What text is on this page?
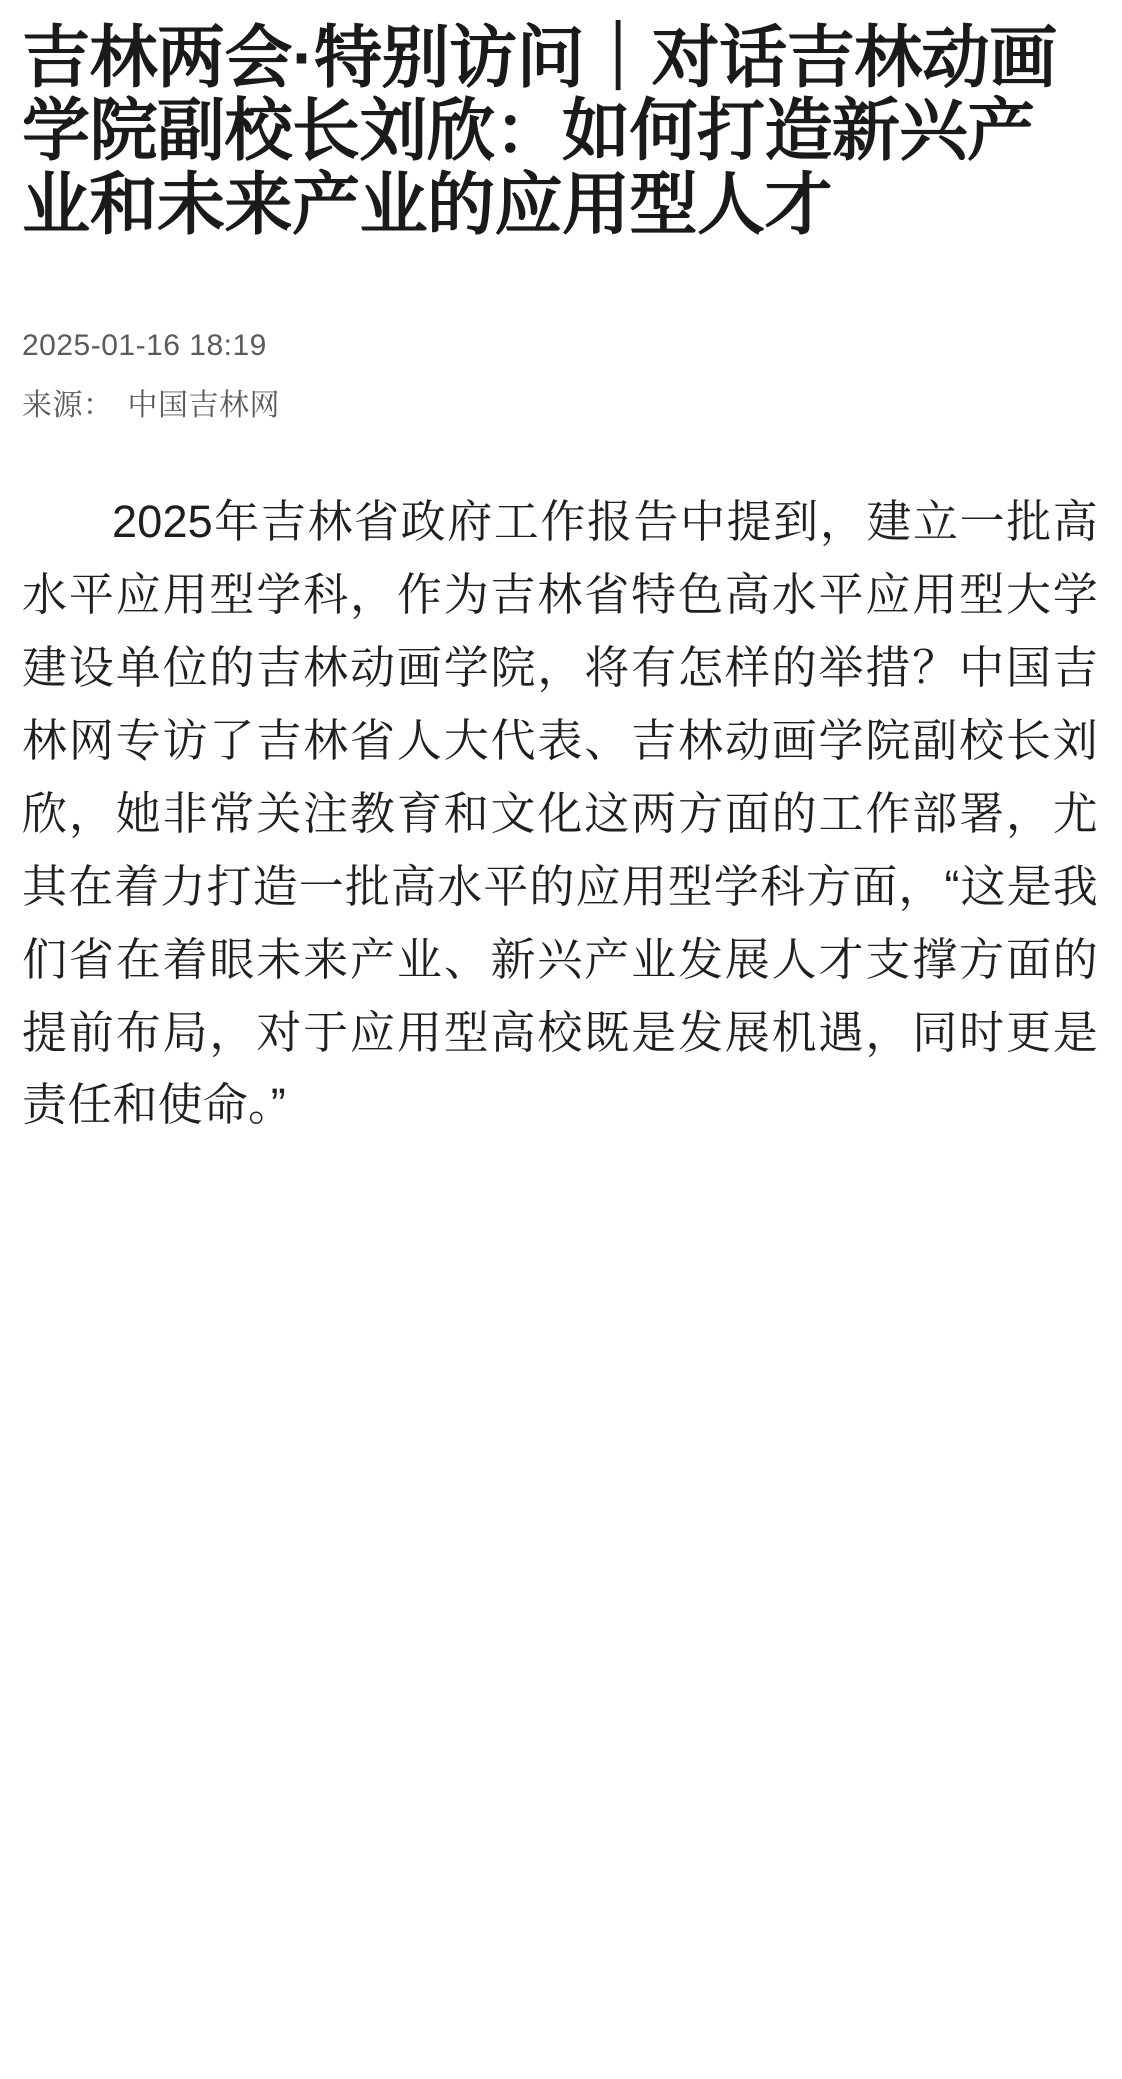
吉林两会·特别访问｜对话吉林动画学院副校长刘欣：如何打造新兴产业和未来产业的应用型人才
2025-01-16 18:19
来源： 中国吉林网

2025年吉林省政府工作报告中提到，建立一批高水平应用型学科，作为吉林省特色高水平应用型大学建设单位的吉林动画学院，将有怎样的举措？中国吉林网专访了吉林省人大代表、吉林动画学院副校长刘欣，她非常关注教育和文化这两方面的工作部署，尤其在着力打造一批高水平的应用型学科方面，“这是我们省在着眼未来产业、新兴产业发展人才支撑方面的提前布局，对于应用型高校既是发展机遇，同时更是责任和使命。”
